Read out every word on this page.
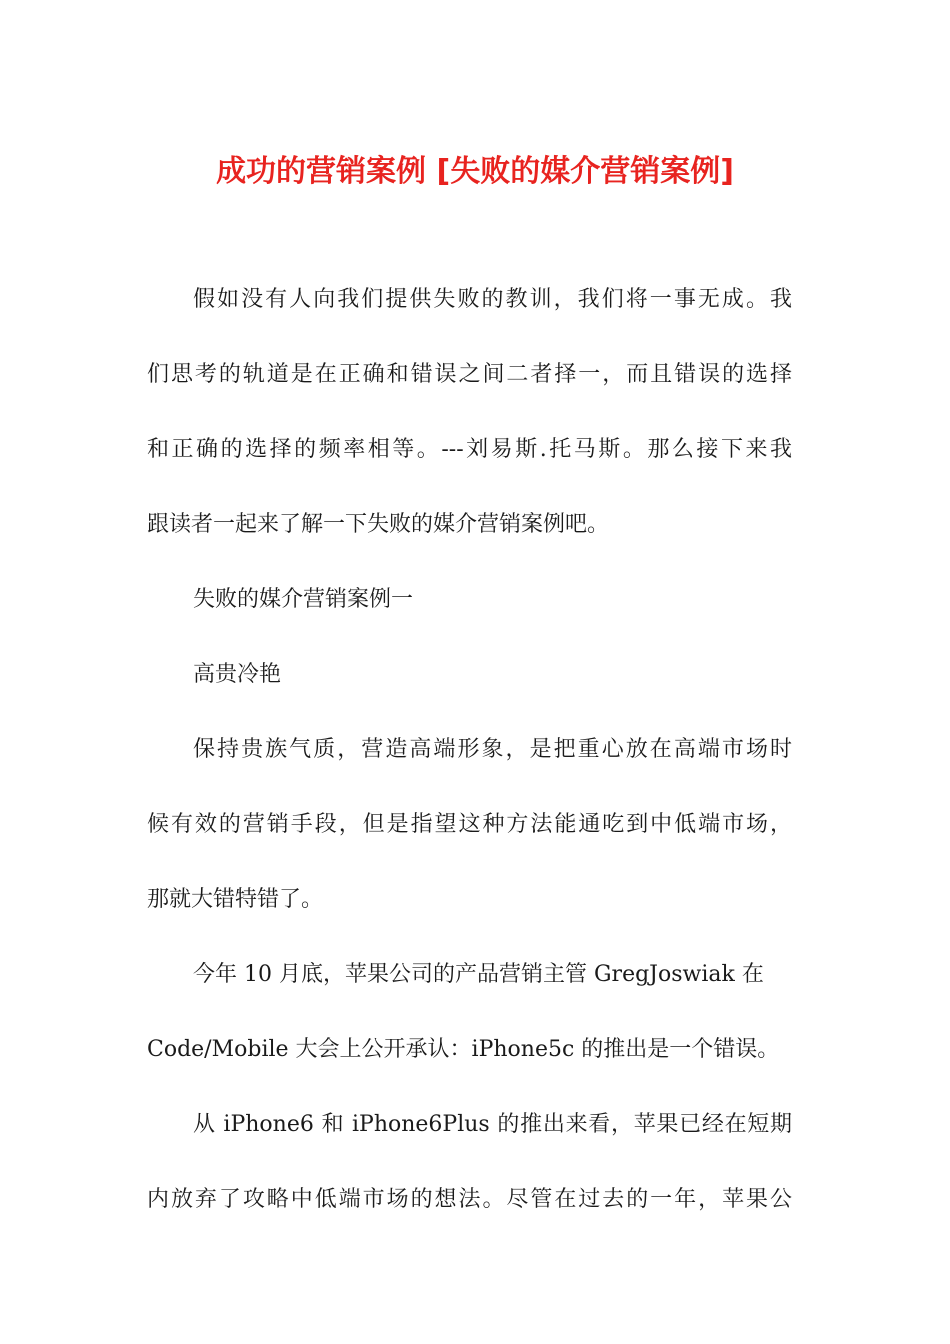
成功的营销案例 [失败的媒介营销案例]
假如没有人向我们提供失败的教训，我们将一事无成。我
们思考的轨道是在正确和错误之间二者择一，而且错误的选择
和正确的选择的频率相等。---刘易斯.托马斯。那么接下来我
跟读者一起来了解一下失败的媒介营销案例吧。
失败的媒介营销案例一
高贵冷艳
保持贵族气质，营造高端形象，是把重心放在高端市场时
候有效的营销手段，但是指望这种方法能通吃到中低端市场，
那就大错特错了。
今年 10 月底，苹果公司的产品营销主管 GregJoswiak 在
Code/Mobile 大会上公开承认：iPhone5c 的推出是一个错误。
从 iPhone6 和 iPhone6Plus 的推出来看，苹果已经在短期
内放弃了攻略中低端市场的想法。尽管在过去的一年，苹果公
